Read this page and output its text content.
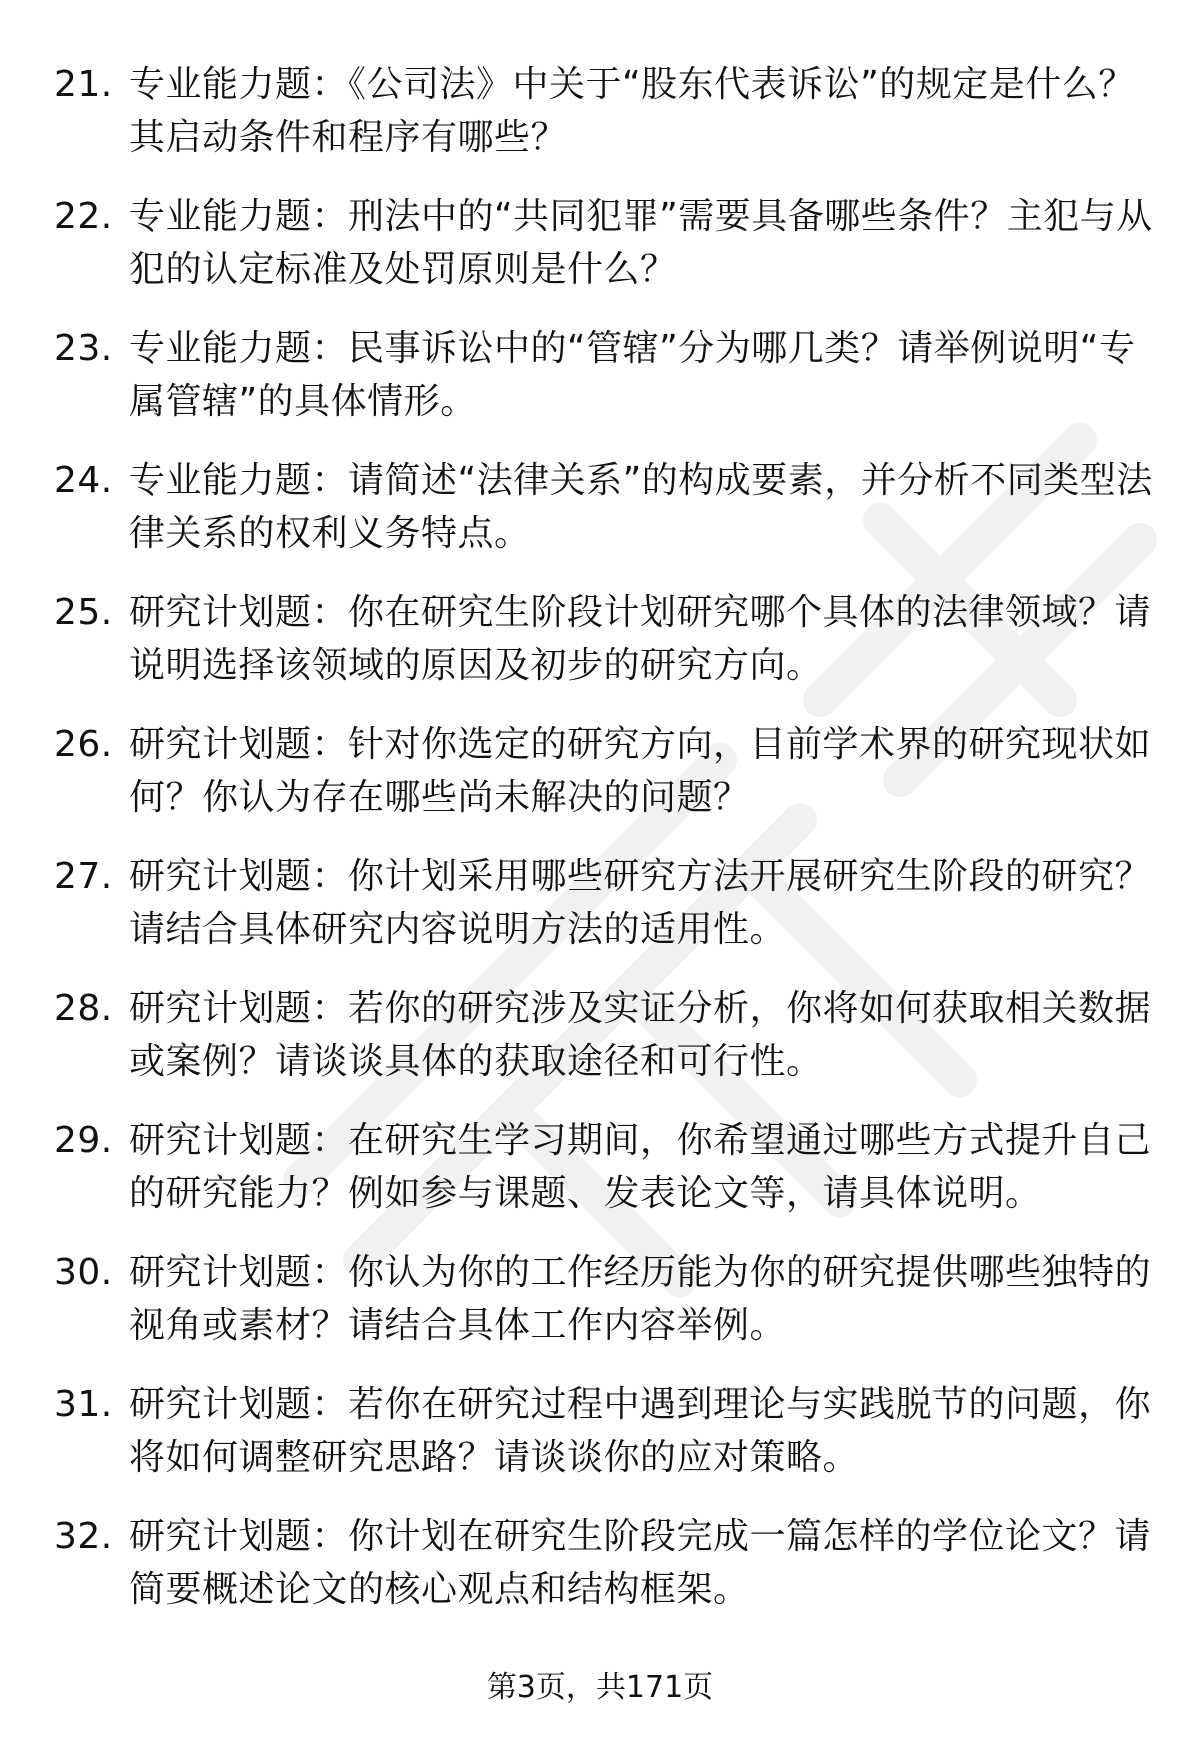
21. 专业能力题：《公司法》中关于“股东代表诉讼”的规定是什么？其启动条件和程序有哪些？
22. 专业能力题：刑法中的“共同犯罪”需要具备哪些条件？主犯与从犯的认定标准及处罚原则是什么？
23. 专业能力题：民事诉讼中的“管辖”分为哪几类？请举例说明“专属管辖”的具体情形。
24. 专业能力题：请简述“法律关系”的构成要素，并分析不同类型法律关系的权利义务特点。
25. 研究计划题：你在研究生阶段计划研究哪个具体的法律领域？请说明选择该领域的原因及初步的研究方向。
26. 研究计划题：针对你选定的研究方向，目前学术界的研究现状如何？你认为存在哪些尚未解决的问题？
27. 研究计划题：你计划采用哪些研究方法开展研究生阶段的研究？请结合具体研究内容说明方法的适用性。
28. 研究计划题：若你的研究涉及实证分析，你将如何获取相关数据或案例？请谈谈具体的获取途径和可行性。
29. 研究计划题：在研究生学习期间，你希望通过哪些方式提升自己的研究能力？例如参与课题、发表论文等，请具体说明。
30. 研究计划题：你认为你的工作经历能为你的研究提供哪些独特的视角或素材？请结合具体工作内容举例。
31. 研究计划题：若你在研究过程中遇到理论与实践脱节的问题，你将如何调整研究思路？请谈谈你的应对策略。
32. 研究计划题：你计划在研究生阶段完成一篇怎样的学位论文？请简要概述论文的核心观点和结构框架。
第3页，共171页
